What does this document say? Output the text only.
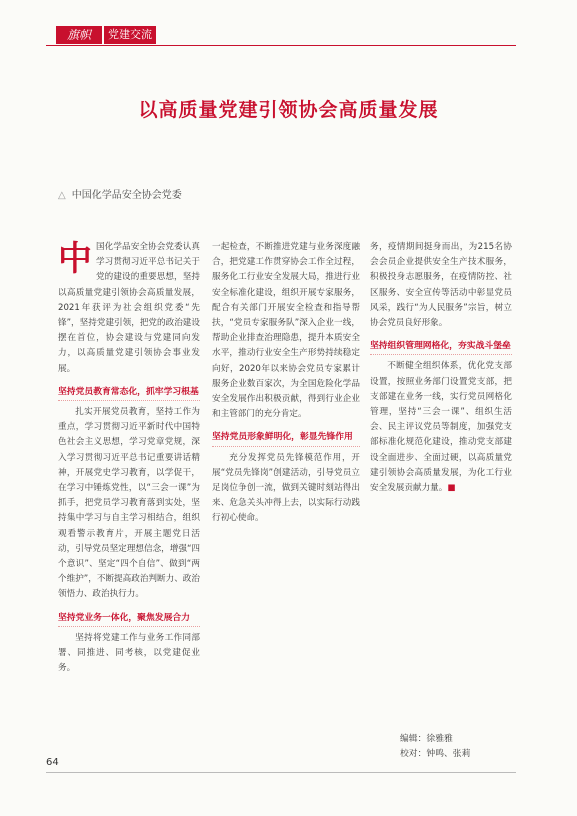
旗帜	党建交流
以高质量党建引领协会高质量发展
△ 中国化学品安全协会党委
中 国化学品安全协会党委认真学习贯彻习近平总书记关于党的建设的重要思想，坚持以高质量党建引领协会高质量发展，2021年获评为社会组织党委“先锋”，坚持党建引领，把党的政治建设摆在首位，协会建设与党建同向发力，以高质量党建引领协会事业发展。

坚持党员教育常态化，抓牢学习根基

扎实开展党员教育，坚持工作为重点，学习贯彻习近平新时代中国特色社会主义思想，学习党章党规，深入学习贯彻习近平总书记重要讲话精神，开展党史学习教育，以学促干，在学习中锤炼党性，以“三会一课”为抓手，把党员学习教育落到实处，坚持集中学习与自主学习相结合，组织观看警示教育片，开展主题党日活动，引导党员坚定理想信念，增强“四个意识”、坚定“四个自信”、做到“两个维护”，不断提高政治判断力、政治领悟力、政治执行力。

坚持党业务一体化，聚焦发展合力

坚持将党建工作与业务工作同部署、同推进、同考核，以党建促业务。

一起检查，不断推进党建与业务深度融合，把党建工作贯穿协会工作全过程，服务化工行业安全发展大局，推进行业安全标准化建设，组织开展专家服务，配合有关部门开展安全检查和指导帮扶，“党员专家服务队”深入企业一线，帮助企业排查治理隐患，提升本质安全水平，推动行业安全生产形势持续稳定向好，2020年以来协会党员专家累计服务企业数百家次，为全国危险化学品安全发展作出积极贡献，得到行业企业和主管部门的充分肯定。

坚持党员形象鲜明化，彰显先锋作用

充分发挥党员先锋模范作用，开展“党员先锋岗”创建活动，引导党员立足岗位争创一流，做到关键时刻站得出来、危急关头冲得上去，以实际行动践行初心使命。

务，疫情期间挺身而出，为215名协会会员企业提供安全生产技术服务，积极投身志愿服务，在疫情防控、社区服务、安全宣传等活动中彰显党员风采，践行“为人民服务”宗旨，树立协会党员良好形象。

坚持组织管理网格化，夯实战斗堡垒

不断健全组织体系，优化党支部设置，按照业务部门设置党支部，把支部建在业务一线，实行党员网格化管理，坚持“三会一课”、组织生活会、民主评议党员等制度，加强党支部标准化规范化建设，推动党支部建设全面进步、全面过硬，以高质量党建引领协会高质量发展，为化工行业安全发展贡献力量。■

编辑：徐雅雅
校对：钟鸣、张莉
64
